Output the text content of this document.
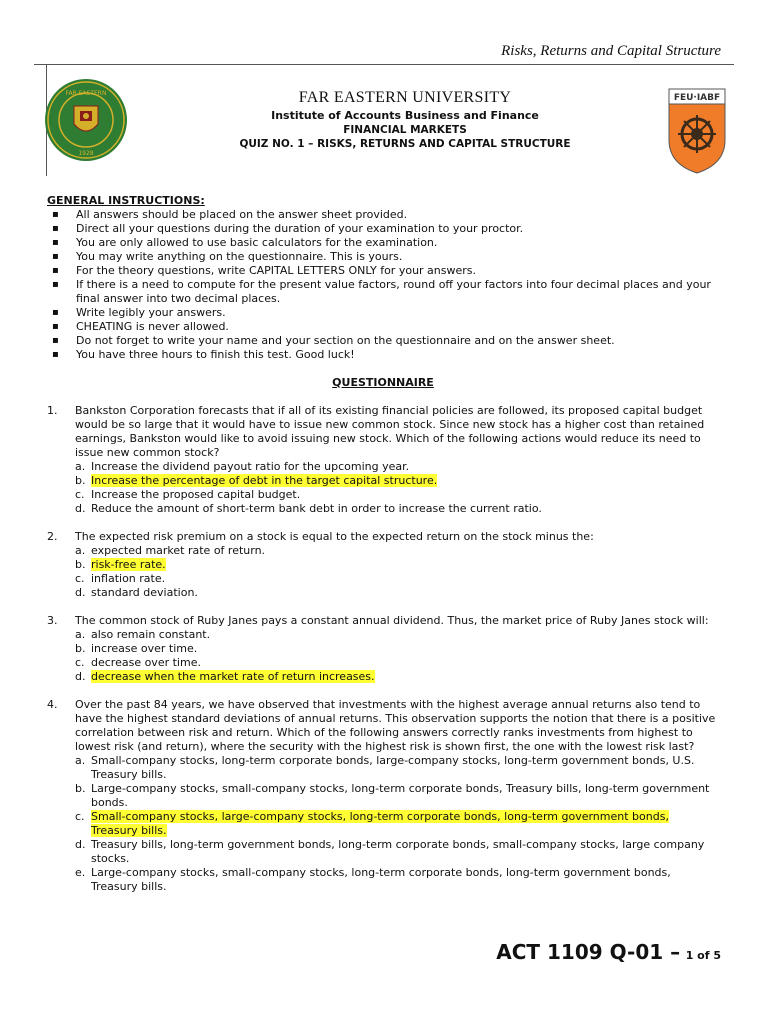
Risks, Returns and Capital Structure
FAR EASTERN
1928
FAR EASTERN UNIVERSITY
Institute of Accounts Business and Finance
FINANCIAL MARKETS
QUIZ NO. 1 – RISKS, RETURNS AND CAPITAL STRUCTURE
FEU·IABF
GENERAL INSTRUCTIONS:
▪ All answers should be placed on the answer sheet provided.
▪ Direct all your questions during the duration of your examination to your proctor.
▪ You are only allowed to use basic calculators for the examination.
▪ You may write anything on the questionnaire. This is yours.
▪ For the theory questions, write CAPITAL LETTERS ONLY for your answers.
▪ If there is a need to compute for the present value factors, round off your factors into four decimal places and your final answer into two decimal places.
▪ Write legibly your answers.
▪ CHEATING is never allowed.
▪ Do not forget to write your name and your section on the questionnaire and on the answer sheet.
▪ You have three hours to finish this test. Good luck!
QUESTIONNAIRE
1. Bankston Corporation forecasts that if all of its existing financial policies are followed, its proposed capital budget would be so large that it would have to issue new common stock. Since new stock has a higher cost than retained earnings, Bankston would like to avoid issuing new stock. Which of the following actions would reduce its need to issue new common stock?
a. Increase the dividend payout ratio for the upcoming year.
b. Increase the percentage of debt in the target capital structure.
c. Increase the proposed capital budget.
d. Reduce the amount of short-term bank debt in order to increase the current ratio.
2. The expected risk premium on a stock is equal to the expected return on the stock minus the:
a. expected market rate of return.
b. risk-free rate.
c. inflation rate.
d. standard deviation.
3. The common stock of Ruby Janes pays a constant annual dividend. Thus, the market price of Ruby Janes stock will:
a. also remain constant.
b. increase over time.
c. decrease over time.
d. decrease when the market rate of return increases.
4. Over the past 84 years, we have observed that investments with the highest average annual returns also tend to have the highest standard deviations of annual returns. This observation supports the notion that there is a positive correlation between risk and return. Which of the following answers correctly ranks investments from highest to lowest risk (and return), where the security with the highest risk is shown first, the one with the lowest risk last?
a. Small-company stocks, long-term corporate bonds, large-company stocks, long-term government bonds, U.S. Treasury bills.
b. Large-company stocks, small-company stocks, long-term corporate bonds, Treasury bills, long-term government bonds.
c. Small-company stocks, large-company stocks, long-term corporate bonds, long-term government bonds, Treasury bills.
d. Treasury bills, long-term government bonds, long-term corporate bonds, small-company stocks, large company stocks.
e. Large-company stocks, small-company stocks, long-term corporate bonds, long-term government bonds, Treasury bills.
ACT 1109 Q-01 – 1 of 5
